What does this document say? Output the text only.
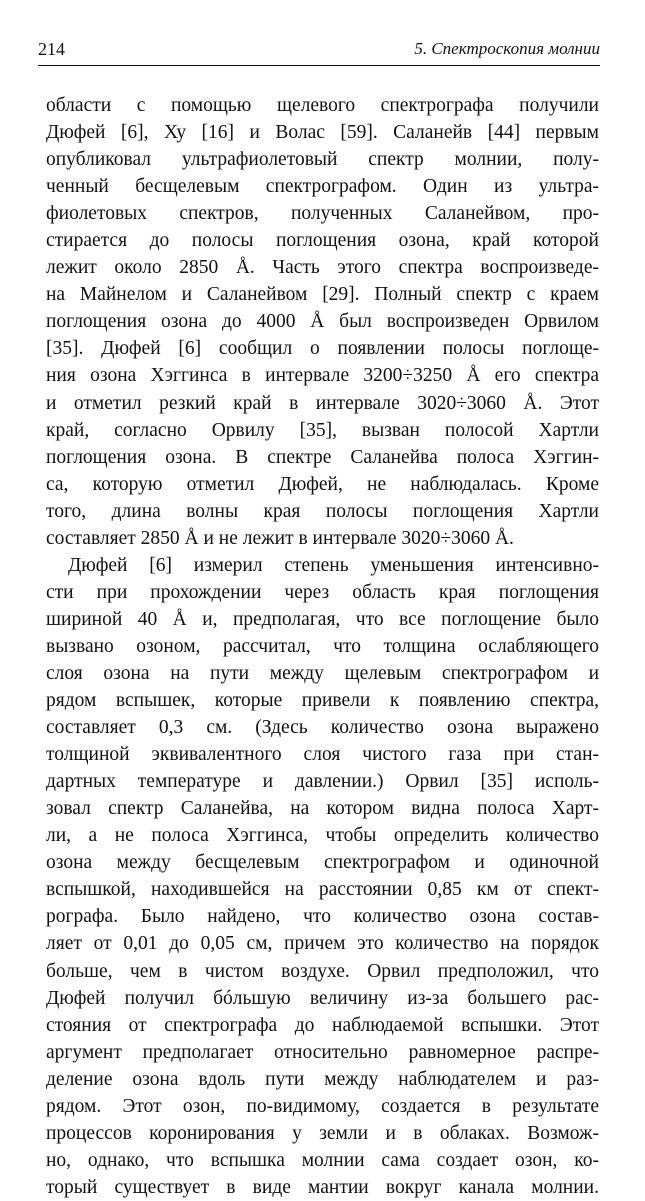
214	5. Спектроскопия молнии
области с помощью щелевого спектрографа получили
Дюфей [6], Ху [16] и Волас [59]. Саланейв [44] первым
опубликовал ультрафиолетовый спектр молнии, полу-
ченный бесщелевым спектрографом. Один из ультра-
фиолетовых спектров, полученных Саланейвом, про-
стирается до полосы поглощения озона, край которой
лежит около 2850 Å. Часть этого спектра воспроизведе-
на Майнелом и Саланейвом [29]. Полный спектр с краем
поглощения озона до 4000 Å был воспроизведен Орвилом
[35]. Дюфей [6] сообщил о появлении полосы поглоще-
ния озона Хэггинса в интервале 3200÷3250 Å его спектра
и отметил резкий край в интервале 3020÷3060 Å. Этот
край, согласно Орвилу [35], вызван полосой Хартли
поглощения озона. В спектре Саланейва полоса Хэггин-
са, которую отметил Дюфей, не наблюдалась. Кроме
того, длина волны края полосы поглощения Хартли
составляет 2850 Å и не лежит в интервале 3020÷3060 Å.
Дюфей [6] измерил степень уменьшения интенсивно-
сти при прохождении через область края поглощения
шириной 40 Å и, предполагая, что все поглощение было
вызвано озоном, рассчитал, что толщина ослабляющего
слоя озона на пути между щелевым спектрографом и
рядом вспышек, которые привели к появлению спектра,
составляет 0,3 см. (Здесь количество озона выражено
толщиной эквивалентного слоя чистого газа при стан-
дартных температуре и давлении.) Орвил [35] исполь-
зовал спектр Саланейва, на котором видна полоса Харт-
ли, а не полоса Хэггинса, чтобы определить количество
озона между бесщелевым спектрографом и одиночной
вспышкой, находившейся на расстоянии 0,85 км от спект-
рографа. Было найдено, что количество озона состав-
ляет от 0,01 до 0,05 см, причем это количество на порядок
больше, чем в чистом воздухе. Орвил предположил, что
Дюфей получил бóльшую величину из-за большего рас-
стояния от спектрографа до наблюдаемой вспышки. Этот
аргумент предполагает относительно равномерное распре-
деление озона вдоль пути между наблюдателем и раз-
рядом. Этот озон, по-видимому, создается в результате
процессов коронирования у земли и в облаках. Возмож-
но, однако, что вспышка молнии сама создает озон, ко-
торый существует в виде мантии вокруг канала молнии.
